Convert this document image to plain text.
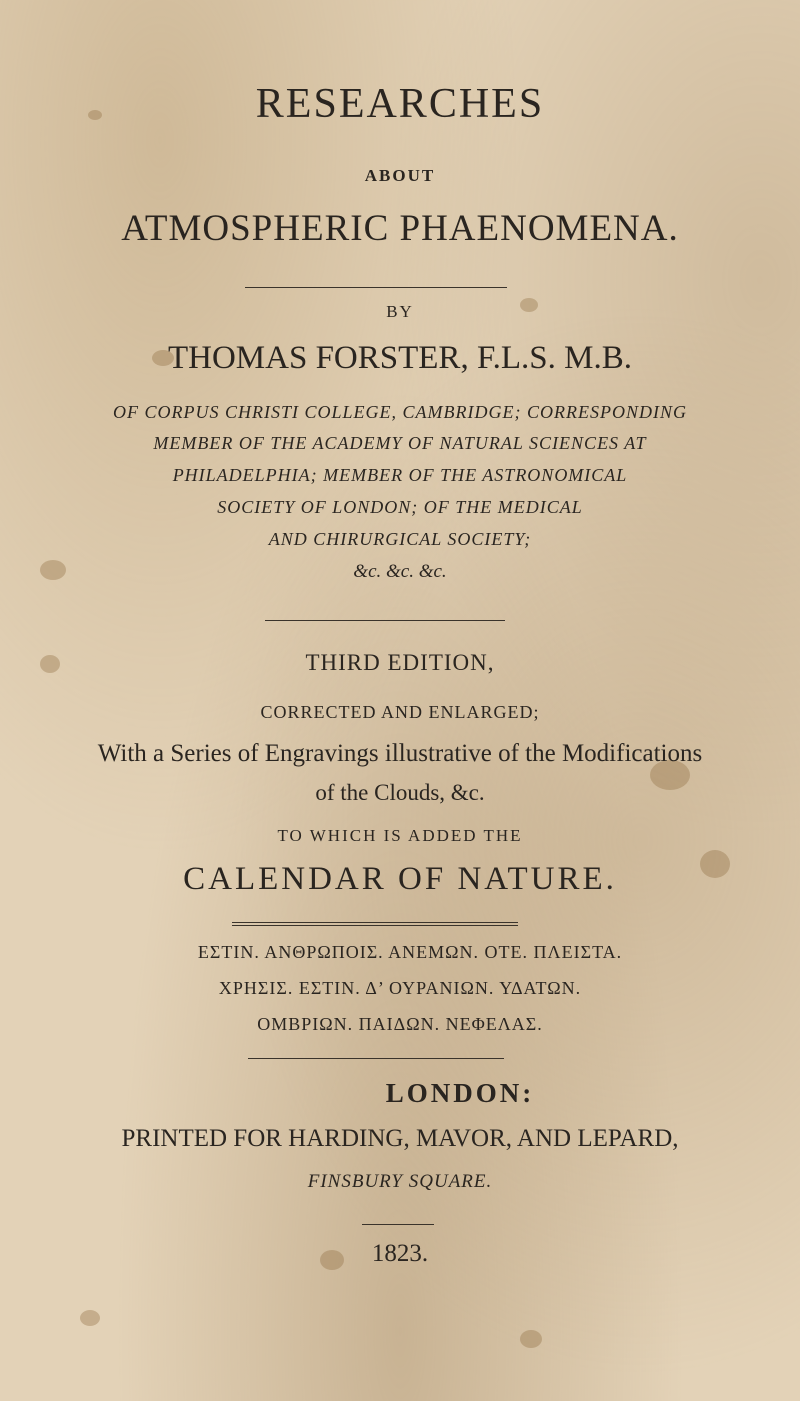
RESEARCHES
ABOUT
ATMOSPHERIC PHAENOMENA.
BY
THOMAS FORSTER, F.L.S. M.B.
OF CORPUS CHRISTI COLLEGE, CAMBRIDGE; CORRESPONDING
MEMBER OF THE ACADEMY OF NATURAL SCIENCES AT
PHILADELPHIA; MEMBER OF THE ASTRONOMICAL
SOCIETY OF LONDON; OF THE MEDICAL
AND CHIRURGICAL SOCIETY;
&c. &c. &c.
THIRD EDITION,
CORRECTED AND ENLARGED;
With a Series of Engravings illustrative of the Modifications
of the Clouds, &c.
TO WHICH IS ADDED THE
CALENDAR OF NATURE.
ΕΣΤΙΝ. ΑΝΘΡΩΠΟΙΣ. ΑΝΕΜΩΝ. ΟΤΕ. ΠΛΕΙΣΤΑ.
ΧΡΗΣΙΣ. ΕΣΤΙΝ. Δ’ ΟΥΡΑΝΙΩΝ. ΥΔΑΤΩΝ.
ΟΜΒΡΙΩΝ. ΠΑΙΔΩΝ. ΝΕΦΕΛΑΣ.
LONDON:
PRINTED FOR HARDING, MAVOR, AND LEPARD,
FINSBURY SQUARE.
1823.
